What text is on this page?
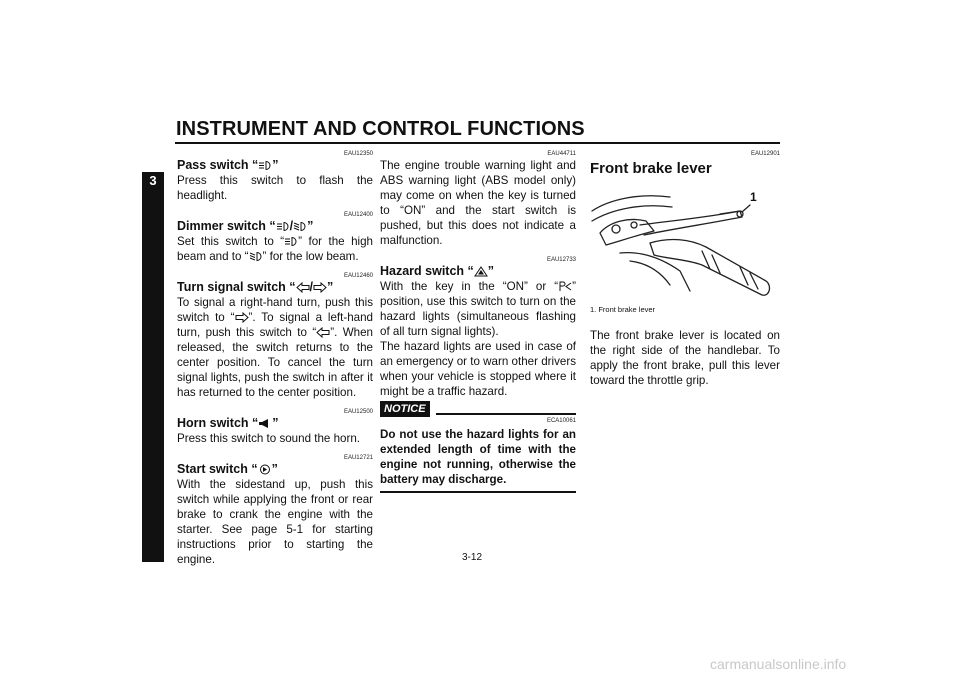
INSTRUMENT AND CONTROL FUNCTIONS
3
EAU12350
Pass switch “ ”

Press this switch to flash the headlight.

EAU12400
Dimmer switch “ / ”

Set this switch to “ ” for the high beam and to “ ” for the low beam.

EAU12460
Turn signal switch “ / ”

To signal a right-hand turn, push this switch to “ ”. To signal a left-hand turn, push this switch to “ ”. When released, the switch returns to the center position. To cancel the turn signal lights, push the switch in after it has returned to the center position.

EAU12500
Horn switch “ ”

Press this switch to sound the horn.

EAU12721
Start switch “ ”

With the sidestand up, push this switch while applying the front or rear brake to crank the engine with the starter. See page 5-1 for starting instructions prior to starting the engine.

EAU44711

The engine trouble warning light and ABS warning light (ABS model only) may come on when the key is turned to “ON” and the start switch is pushed, but this does not indicate a malfunction.

EAU12733
Hazard switch “ ”

With the key in the “ON” or “ ” position, use this switch to turn on the hazard lights (simultaneous flashing of all turn signal lights).

The hazard lights are used in case of an emergency or to warn other drivers when your vehicle is stopped where it might be a traffic hazard.

NOTICE
ECA10061

Do not use the hazard lights for an extended length of time with the engine not running, otherwise the battery may discharge.

EAU12901
Front brake lever
1
1. Front brake lever

The front brake lever is located on the right side of the handlebar. To apply the front brake, pull this lever toward the throttle grip.

3-12
carmanualsonline.info
